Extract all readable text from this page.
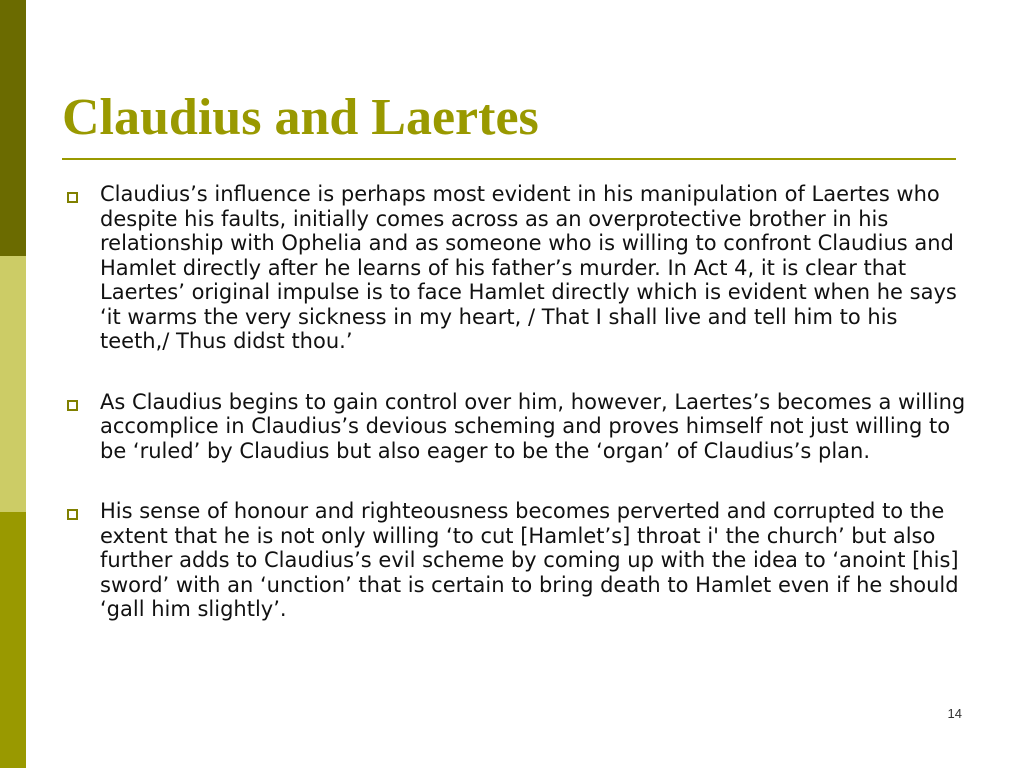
Claudius and Laertes
Claudius’s influence is perhaps most evident in his manipulation of Laertes who despite his faults, initially comes across as an overprotective brother in his relationship with Ophelia and as someone who is willing to confront Claudius and Hamlet directly after he learns of his father’s murder. In Act 4, it is clear that Laertes’ original impulse is to face Hamlet directly which is evident when he says ‘it warms the very sickness in my heart, / That I shall live and tell him to his teeth,/ Thus didst thou.’
As Claudius begins to gain control over him, however, Laertes’s becomes a willing accomplice in Claudius’s devious scheming and proves himself not just willing to be ‘ruled’ by Claudius but also eager to be the ‘organ’ of Claudius’s plan.
His sense of honour and righteousness becomes perverted and corrupted to the extent that he is not only willing ‘to cut [Hamlet’s] throat i' the church’ but also further adds to Claudius’s evil scheme by coming up with the idea to ‘anoint [his] sword’ with an ‘unction’ that is certain to bring death to Hamlet even if he should ‘gall him slightly’.
14
